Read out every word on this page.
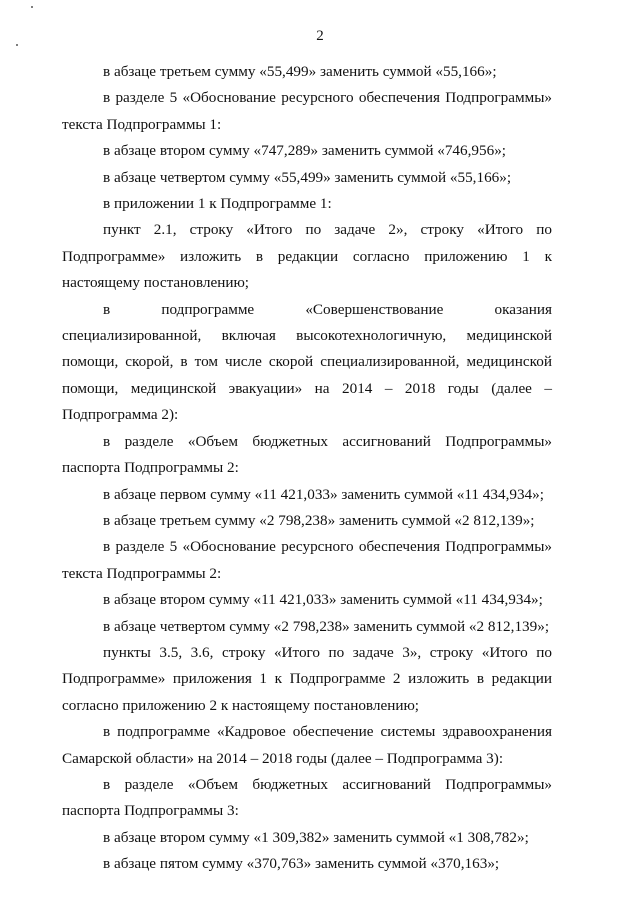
2

в абзаце третьем сумму «55,499» заменить суммой «55,166»;

в разделе 5 «Обоснование ресурсного обеспечения Подпрограммы» текста Подпрограммы 1:

в абзаце втором сумму «747,289» заменить суммой «746,956»;

в абзаце четвертом сумму «55,499» заменить суммой «55,166»;

в приложении 1 к Подпрограмме 1:

пункт 2.1, строку «Итого по задаче 2», строку «Итого по Подпрограмме» изложить в редакции согласно приложению 1 к настоящему постановлению;

в подпрограмме «Совершенствование оказания специализированной, включая высокотехнологичную, медицинской помощи, скорой, в том числе скорой специализированной, медицинской помощи, медицинской эвакуации» на 2014 – 2018 годы (далее – Подпрограмма 2):

в разделе «Объем бюджетных ассигнований Подпрограммы» паспорта Подпрограммы 2:

в абзаце первом сумму «11 421,033» заменить суммой «11 434,934»;

в абзаце третьем сумму «2 798,238» заменить суммой «2 812,139»;

в разделе 5 «Обоснование ресурсного обеспечения Подпрограммы» текста Подпрограммы 2:

в абзаце втором сумму «11 421,033» заменить суммой «11 434,934»;

в абзаце четвертом сумму «2 798,238» заменить суммой «2 812,139»;

пункты 3.5, 3.6, строку «Итого по задаче 3», строку «Итого по Подпрограмме» приложения 1 к Подпрограмме 2 изложить в редакции согласно приложению 2 к настоящему постановлению;

в подпрограмме «Кадровое обеспечение системы здравоохранения Самарской области» на 2014 – 2018 годы (далее – Подпрограмма 3):

в разделе «Объем бюджетных ассигнований Подпрограммы» паспорта Подпрограммы 3:

в абзаце втором сумму «1 309,382» заменить суммой «1 308,782»;

в абзаце пятом сумму «370,763» заменить суммой «370,163»;
